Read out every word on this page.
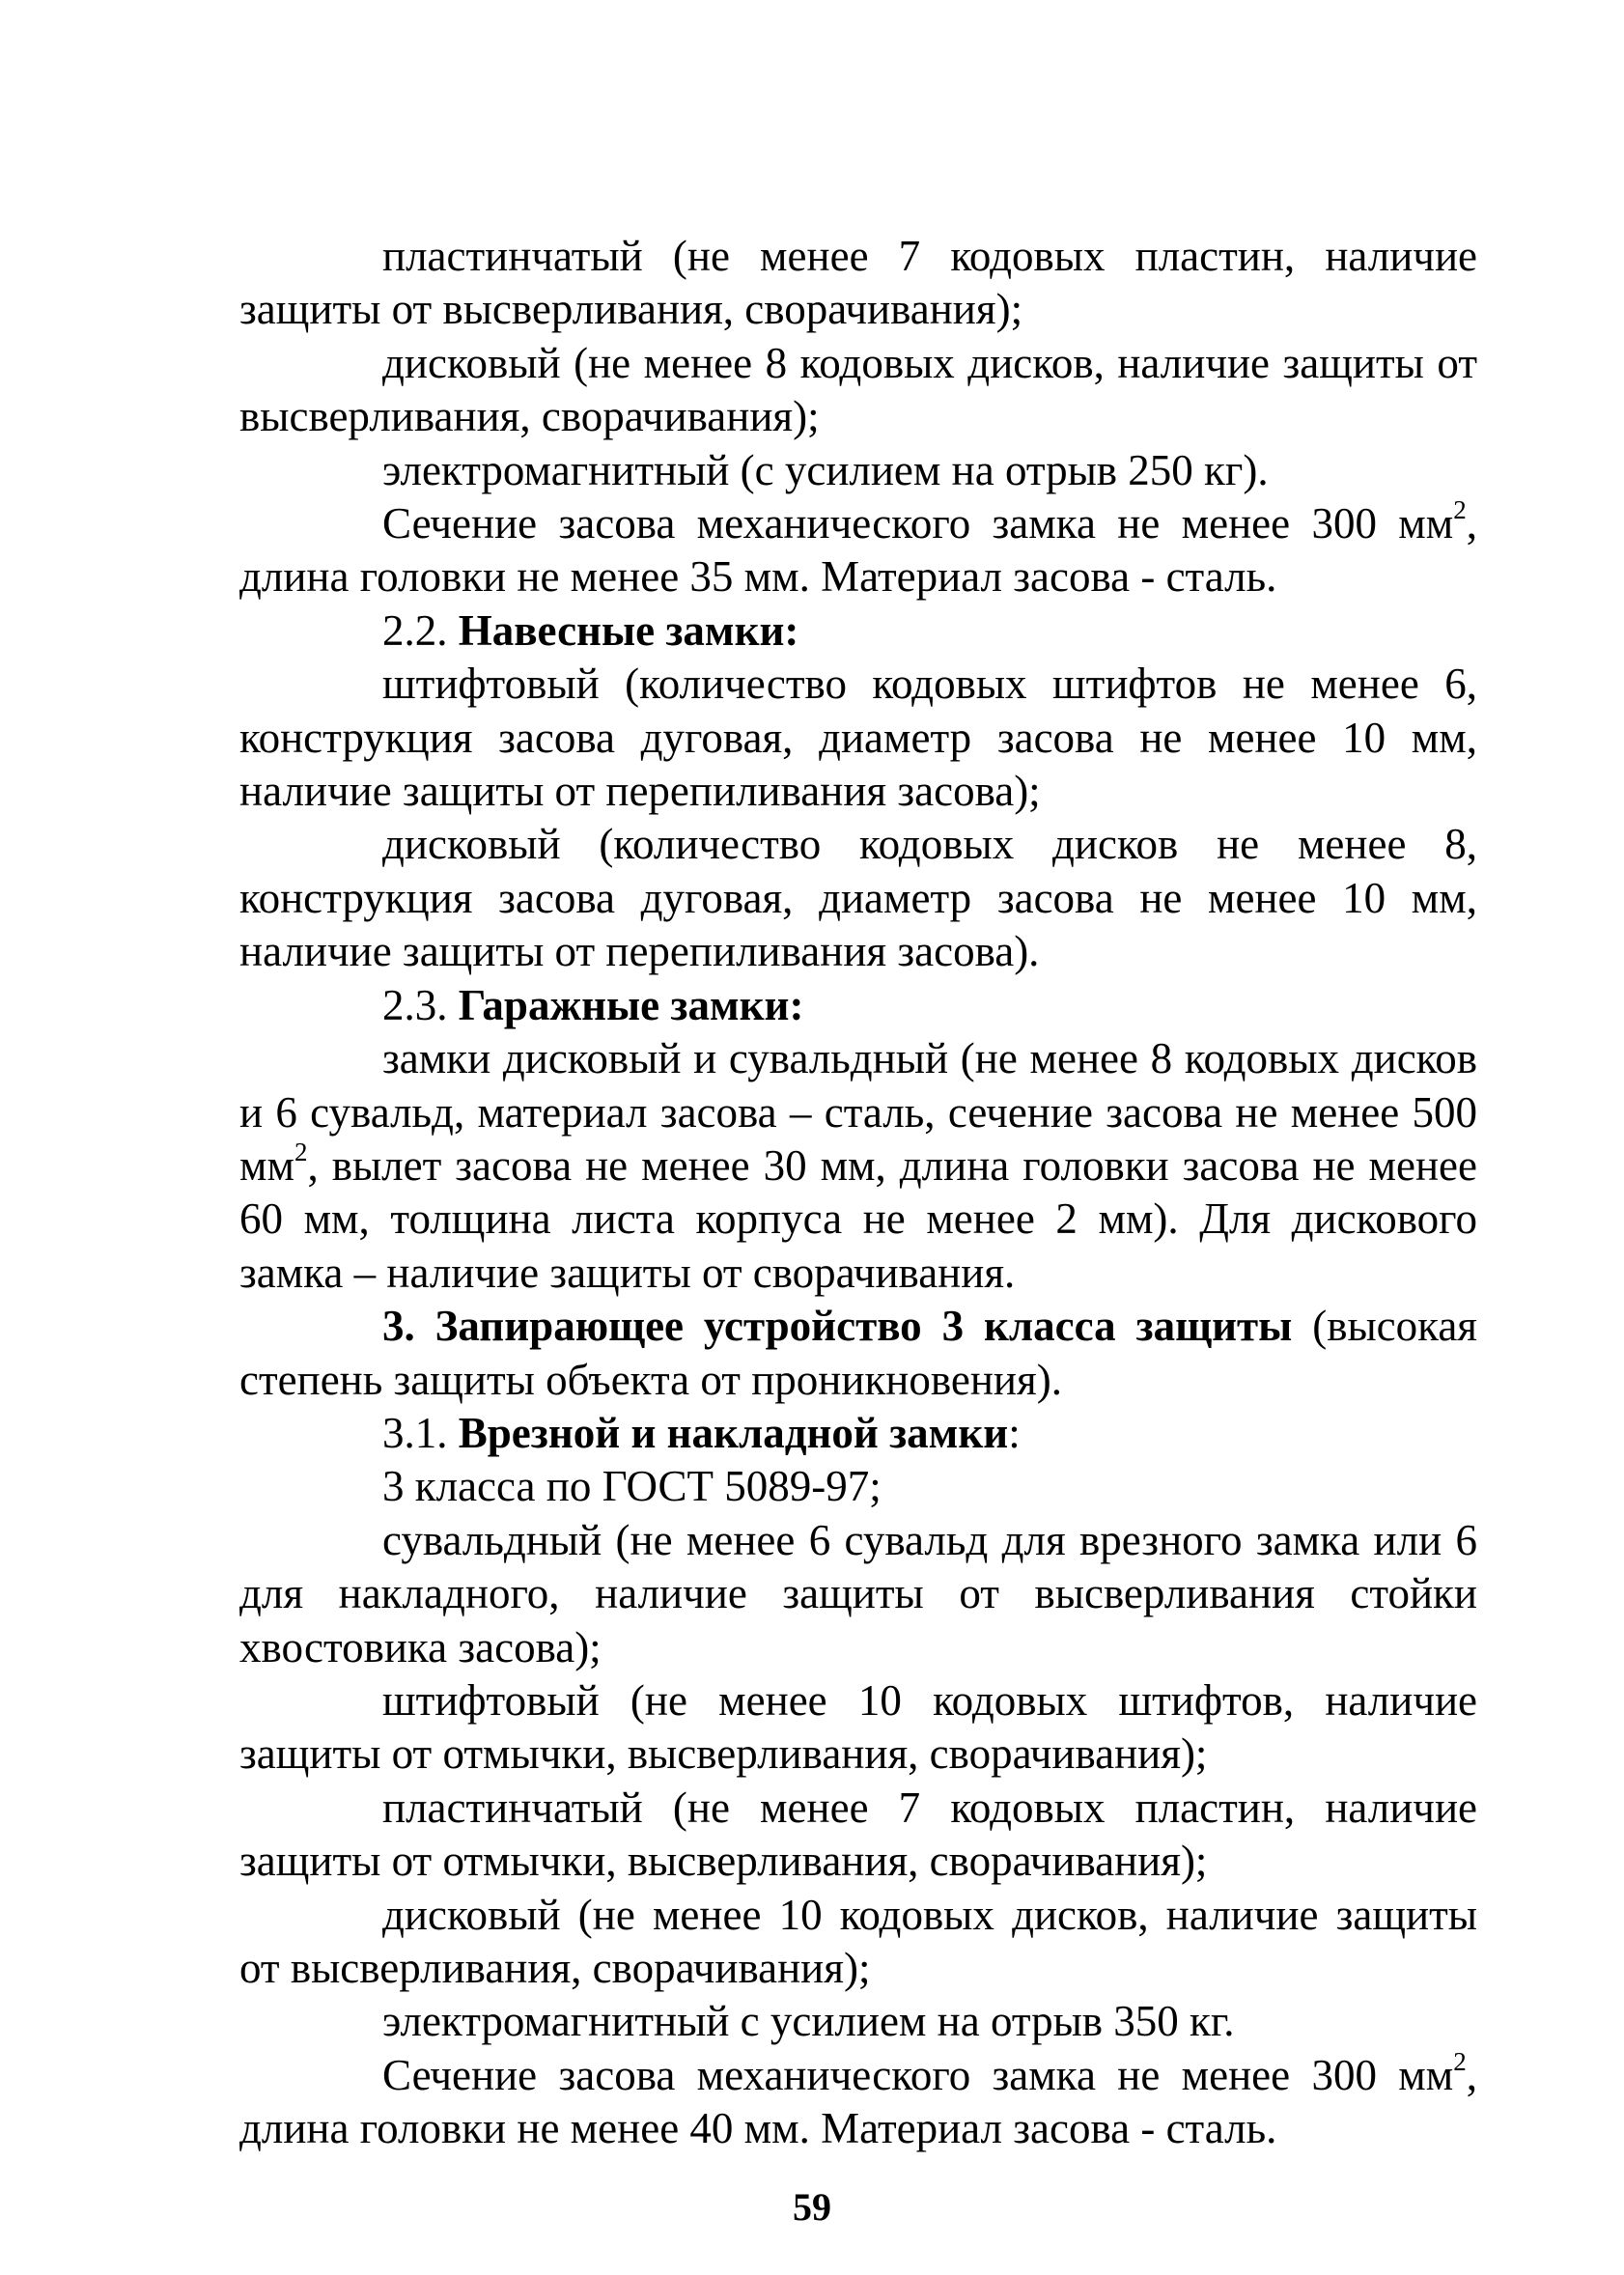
пластинчатый (не менее 7 кодовых пластин, наличие защиты от высверливания, сворачивания);

дисковый (не менее 8 кодовых дисков, наличие защиты от высверливания, сворачивания);

электромагнитный (с усилием на отрыв 250 кг).

Сечение засова механического замка не менее 300 $мм^2$, длина головки не менее 35 мм. Материал засова - сталь.

2.2. Навесные замки:

штифтовый (количество кодовых штифтов не менее 6, конструкция засова дуговая, диаметр засова не менее 10 мм, наличие защиты от перепиливания засова);

дисковый (количество кодовых дисков не менее 8, конструкция засова дуговая, диаметр засова не менее 10 мм, наличие защиты от перепиливания засова).

2.3. Гаражные замки:

замки дисковый и сувальдный (не менее 8 кодовых дисков и 6 сувальд, материал засова – сталь, сечение засова не менее 500 $мм^2$, вылет засова не менее 30 мм, длина головки засова не менее 60 мм, толщина листа корпуса не менее 2 мм). Для дискового замка – наличие защиты от сворачивания.

3. Запирающее устройство 3 класса защиты (высокая степень защиты объекта от проникновения).

3.1. Врезной и накладной замки:

3 класса по ГОСТ 5089-97;

сувальдный (не менее 6 сувальд для врезного замка или 6 для накладного, наличие защиты от высверливания стойки хвостовика засова);

штифтовый (не менее 10 кодовых штифтов, наличие защиты от отмычки, высверливания, сворачивания);

пластинчатый (не менее 7 кодовых пластин, наличие защиты от отмычки, высверливания, сворачивания);

дисковый (не менее 10 кодовых дисков, наличие защиты от высверливания, сворачивания);

электромагнитный с усилием на отрыв 350 кг.

Сечение засова механического замка не менее 300 $мм^2$, длина головки не менее 40 мм. Материал засова - сталь.

59
